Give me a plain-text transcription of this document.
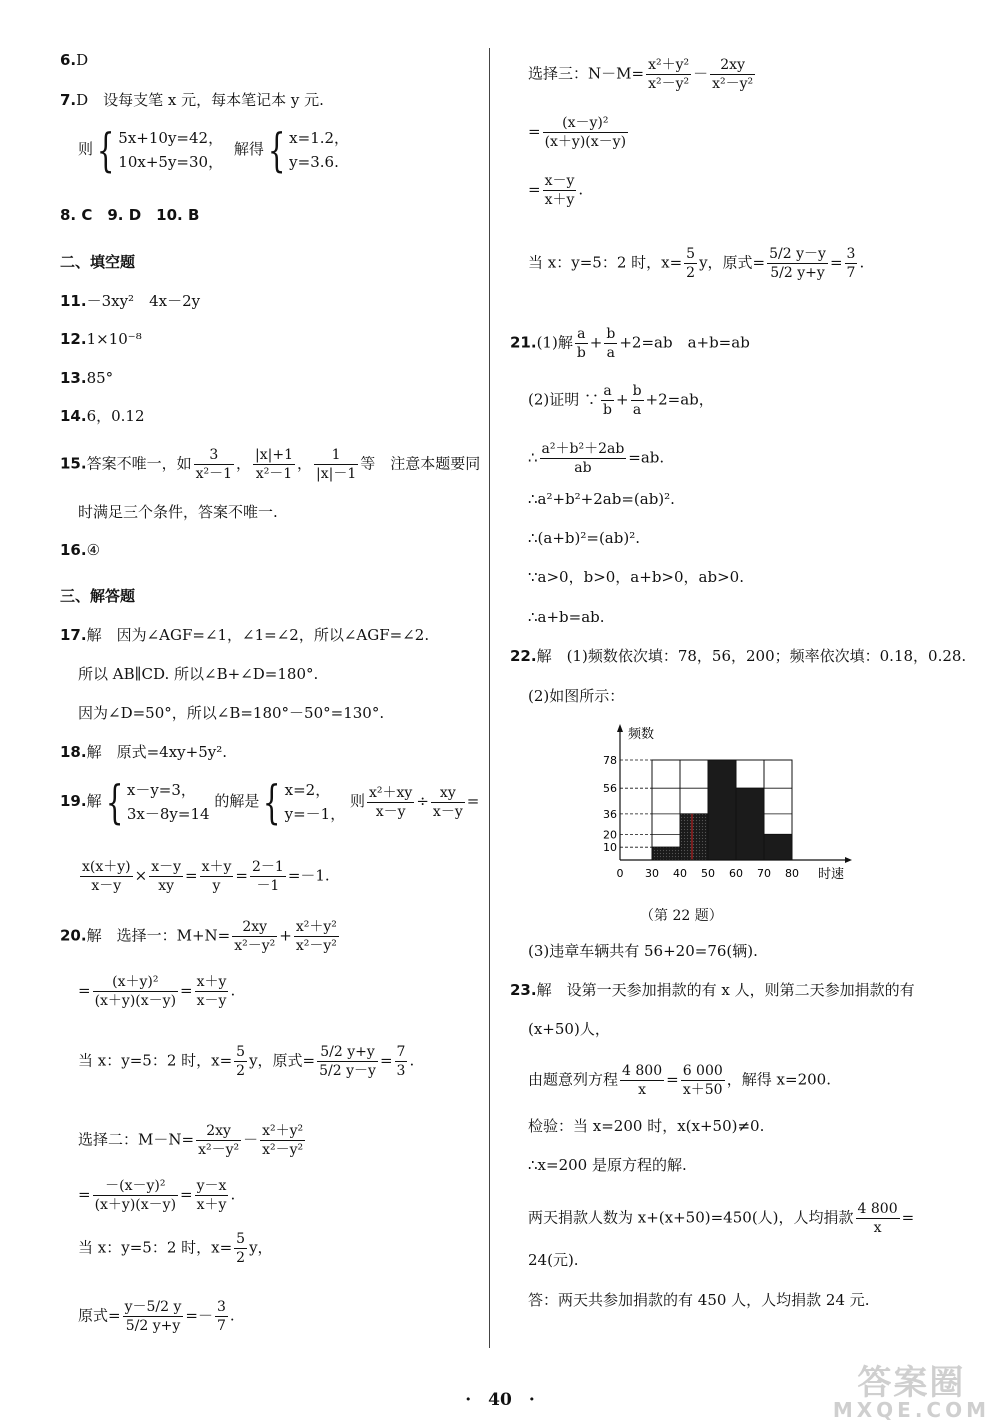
6.D
7.D　设每支笔 x 元，每本笔记本 y 元.
则{ 5x+10y=42，
10x+5y=30，
解得{ x=1.2，
y=3.6.
8. C　9. D　10. B
二、填空题
11.－3xy²　4x－2y
12.1×10⁻⁸
13.85°
14.6，0.12
15.答案不唯一，如 $\frac{3}{\text{x²－1}}$ ， $\frac{|x|+1}{\text{x²－1}}$ ， $\frac{1}{|x|-1}$ 等　注意本题要同
时满足三个条件，答案不唯一.
16.④
三、解答题
17.解　因为∠AGF=∠1，∠1=∠2，所以∠AGF=∠2.
所以 AB∥CD. 所以∠B+∠D=180°.
因为∠D=50°，所以∠B=180°－50°=130°.
18.解　原式=4xy+5y².
19.解{ x－y=3，
3x－8y=14
的解是{ x=2，
y=－1，
则 $\frac{\text{x²＋xy}}{x-y} \div \frac{xy}{x-y}$ =
$\frac{x(x+y)}{x-y} \times \frac{x-y}{xy} = \frac{x+y}{y} = \frac{2-1}{-1} =-1$.
20.解　选择一：$M+N= \frac{2xy}{\text{x²－y²}} + \frac{\text{x²＋y²}}{\text{x²－y²}}$
= $\frac{\text{(x＋y)²}}{(x+y)(x-y)} = \frac{x+y}{x-y}$ .
当 x：y=5：2 时，$x= \frac{5}{2}$ y，原式= $\frac{5/2 y+y}{5/2 y-y} = \frac{7}{3}$ .
选择二：$M-N= \frac{2xy}{\text{x²－y²}} - \frac{\text{x²＋y²}}{\text{x²－y²}}$
= $\frac{\text{－(x－y)²}}{(x+y)(x-y)} = \frac{y-x}{x+y}$ .
当 x：y=5：2 时，$x= \frac{5}{2}$ y，
原式= $\frac{y-5/2 y}{5/2 y+y} =- \frac{3}{7}$ .
选择三：$N-M= \frac{\text{x²＋y²}}{\text{x²－y²}} - \frac{2xy}{\text{x²－y²}}$
= $\frac{\text{(x－y)²}}{(x+y)(x-y)}$
= $\frac{x-y}{x+y}$ .
当 x：y=5：2 时，$x= \frac{5}{2}$ y，原式= $\frac{5/2 y-y}{5/2 y+y} = \frac{3}{7}$ .
21.(1)解 $\frac{a}{b} + \frac{b}{a} +2=ab$　a+b=ab
(2)证明 ∵ $\frac{a}{b} + \frac{b}{a} +2=ab$，
∴ $\frac{\text{a²＋b²＋2ab}}{ab} =ab$.
∴a²+b²+2ab=(ab)².
∴(a+b)²=(ab)².
∵a>0，b>0，a+b>0，ab>0.
∴a+b=ab.
22.解　(1)频数依次填：78，56，200；频率依次填：0.18，0.28.
(2)如图所示：
(3)违章车辆共有 56+20=76(辆).
23.解　设第一天参加捐款的有 x 人，则第二天参加捐款的有
(x+50)人，
由题意列方程 $\frac{4 800}{x} = \frac{6 000}{x+50}$ ，解得 x=200.
检验：当 x=200 时，x(x+50)≠0.
∴x=200 是原方程的解.
两天捐款人数为 x+(x+50)=450(人)，人均捐款 $\frac{4 800}{x}$ =
24(元).
答：两天共参加捐款的有 450 人，人均捐款 24 元.
频数
时速
10
20
36
56
78
0 30 40 50 60 70 80
（第 22 题）
·　40　·	答案圈
MXQE.COM
